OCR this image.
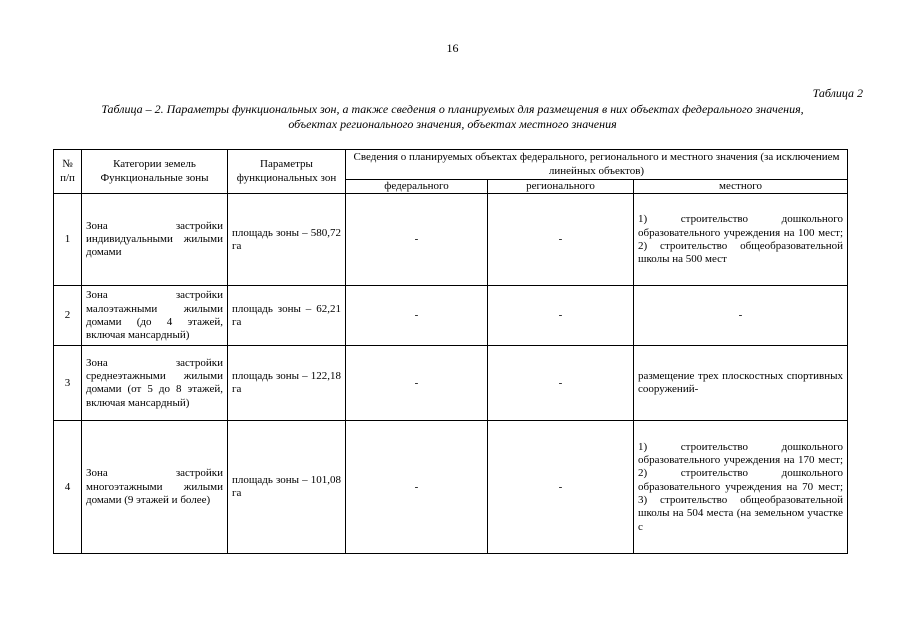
16
Таблица 2
Таблица – 2. Параметры функциональных зон, а также сведения о планируемых для размещения в них объектах федерального значения,
объектах регионального значения, объектах местного значения
№ п/п	Категории земель Функциональные зоны	Параметры функциональных зон	Сведения о планируемых объектах федерального, регионального и местного значения (за исключением линейных объектов)		
			федерального	регионального	местного
1	Зона застройки индивидуальными жилыми домами	площадь зоны – 580,72 га	-	-	1) строительство дошкольного образовательного учреждения на 100 мест; 2) строительство общеобразовательной школы на 500 мест
2	Зона застройки малоэтажными жилыми домами (до 4 этажей, включая мансардный)	площадь зоны – 62,21 га	-	-	-
3	Зона застройки среднеэтажными жилыми домами (от 5 до 8 этажей, включая мансардный)	площадь зоны – 122,18 га	-	-	размещение трех плоскостных спортивных сооружений-
4	Зона застройки многоэтажными жилыми домами (9 этажей и более)	площадь зоны – 101,08 га	-	-	1) строительство дошкольного образовательного учреждения на 170 мест; 2) строительство дошкольного образовательного учреждения на 70 мест; 3) строительство общеобразовательной школы на 504 места (на земельном участке с
